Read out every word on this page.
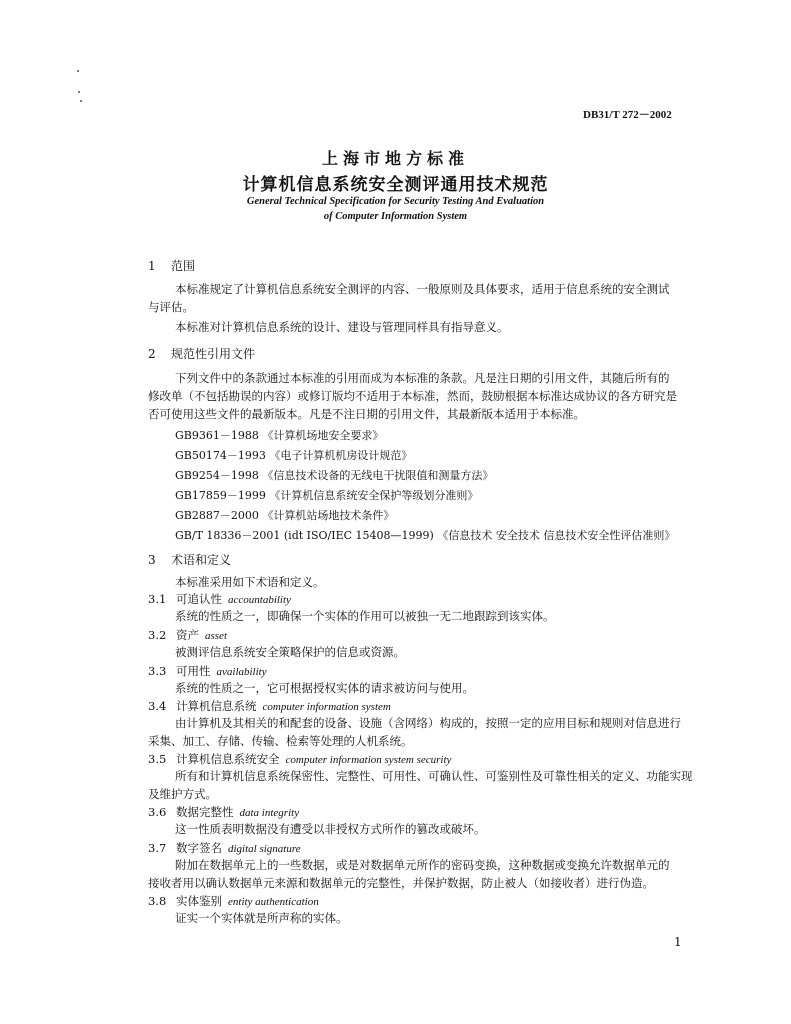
DB31/T 272－2002
上海市地方标准
计算机信息系统安全测评通用技术规范
General Technical Specification for Security Testing And Evaluation
of Computer Information System
1 范围
本标准规定了计算机信息系统安全测评的内容、一般原则及具体要求，适用于信息系统的安全测试
与评估。
本标准对计算机信息系统的设计、建设与管理同样具有指导意义。
2 规范性引用文件
下列文件中的条款通过本标准的引用而成为本标准的条款。凡是注日期的引用文件，其随后所有的
修改单（不包括勘误的内容）或修订版均不适用于本标准，然而，鼓励根据本标准达成协议的各方研究是
否可使用这些文件的最新版本。凡是不注日期的引用文件，其最新版本适用于本标准。
GB9361－1988 《计算机场地安全要求》
GB50174－1993 《电子计算机机房设计规范》
GB9254－1998 《信息技术设备的无线电干扰限值和测量方法》
GB17859－1999 《计算机信息系统安全保护等级划分准则》
GB2887－2000 《计算机站场地技术条件》
GB/T 18336－2001 (idt ISO/IEC 15408—1999) 《信息技术 安全技术 信息技术安全性评估准则》
3 术语和定义
本标准采用如下术语和定义。
3.1 可追认性 accountability
系统的性质之一，即确保一个实体的作用可以被独一无二地跟踪到该实体。
3.2 资产 asset
被测评信息系统安全策略保护的信息或资源。
3.3 可用性 availability
系统的性质之一，它可根据授权实体的请求被访问与使用。
3.4 计算机信息系统 computer information system
由计算机及其相关的和配套的设备、设施（含网络）构成的，按照一定的应用目标和规则对信息进行
采集、加工、存储、传输、检索等处理的人机系统。
3.5 计算机信息系统安全 computer information system security
所有和计算机信息系统保密性、完整性、可用性、可确认性、可鉴别性及可靠性相关的定义、功能实现
及维护方式。
3.6 数据完整性 data integrity
这一性质表明数据没有遭受以非授权方式所作的篡改或破坏。
3.7 数字签名 digital signature
附加在数据单元上的一些数据，或是对数据单元所作的密码变换，这种数据或变换允许数据单元的
接收者用以确认数据单元来源和数据单元的完整性，并保护数据，防止被人（如接收者）进行伪造。
3.8 实体鉴别 entity authentication
证实一个实体就是所声称的实体。
1
